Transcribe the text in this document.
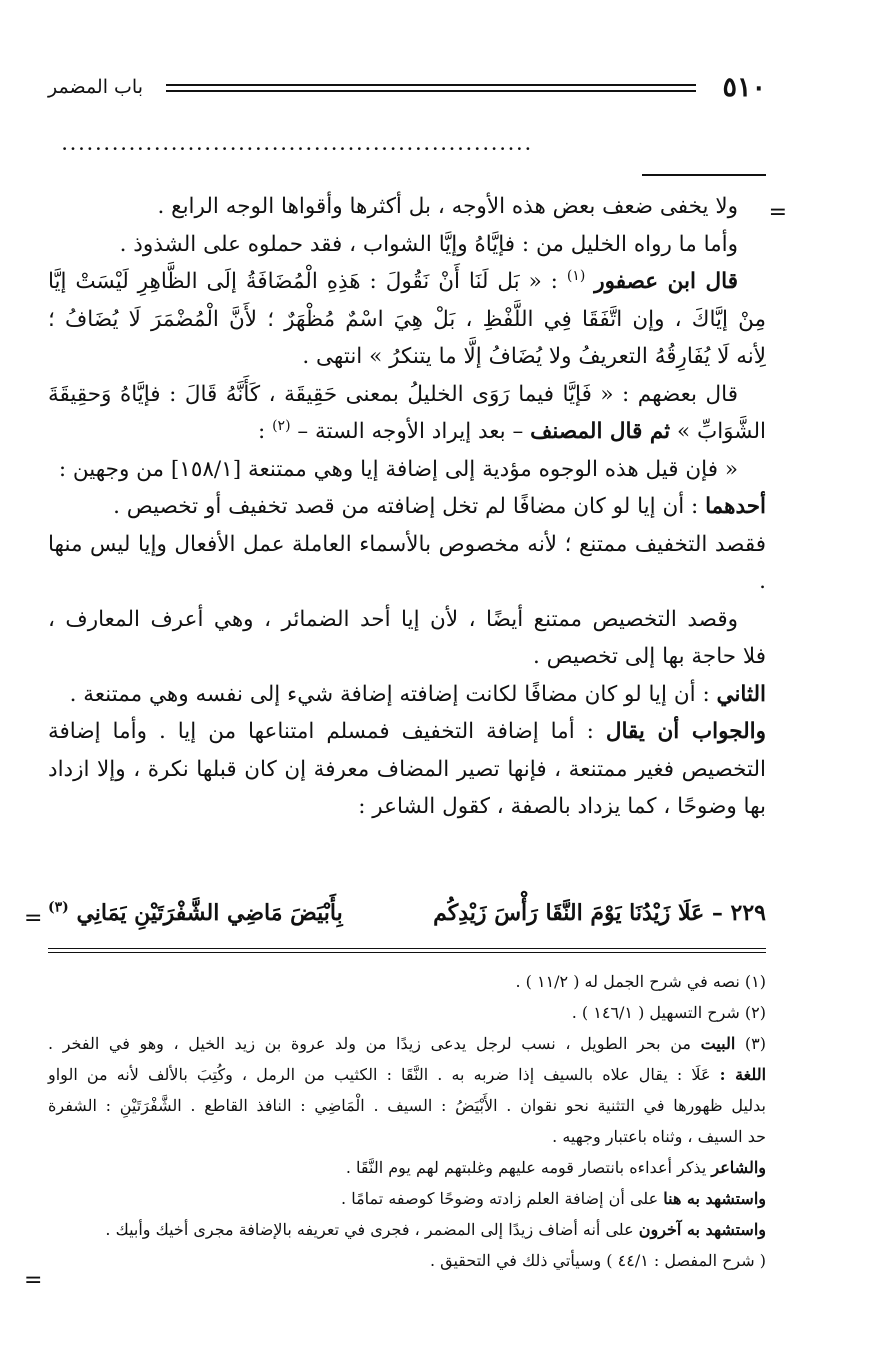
٥١٠
باب المضمر
........................................................
=
=
=

ولا يخفى ضعف بعض هذه الأوجه ، بل أكثرها وأقواها الوجه الرابع .

وأما ما رواه الخليل من : فإيَّاهُ وإيَّا الشواب ، فقد حملوه على الشذوذ .

قال ابن عصفور $^{(١)}$ : « بَل لَنَا أَنْ نَقُولَ : هَذِهِ الْمُضَافَةُ إلَى الظَّاهِرِ لَيْسَتْ إيَّا

مِنْ إيَّاكَ ، وإن اتَّفَقَا فِي اللَّفْظِ ، بَلْ هِيَ اسْمٌ مُظْهَرٌ ؛ لأَنَّ الْمُضْمَرَ لَا يُضَافُ ؛

لِأنه لَا يُفَارِقُهُ التعريفُ ولا يُضَافُ إلَّا ما يتنكرُ » انتهى .

قال بعضهم : « فَإيَّا فيما رَوَى الخليلُ بمعنى حَقِيقَة ، كَأَنَّهُ قَالَ : فإيَّاهُ وَحقِيقَةَ

الشَّوَابِّ » ثم قال المصنف – بعد إيراد الأوجه الستة – $^{(٢)}$ :

« فإن قيل هذه الوجوه مؤدية إلى إضافة إيا وهي ممتنعة [١٥٨/١] من وجهين :

أحدهما : أن إيا لو كان مضافًا لم تخل إضافته من قصد تخفيف أو تخصيص .

فقصد التخفيف ممتنع ؛ لأنه مخصوص بالأسماء العاملة عمل الأفعال وإيا ليس منها .

وقصد التخصيص ممتنع أيضًا ، لأن إيا أحد الضمائر ، وهي أعرف المعارف ،

فلا حاجة بها إلى تخصيص .

الثاني : أن إيا لو كان مضافًا لكانت إضافته إضافة شيء إلى نفسه وهي ممتنعة .

والجواب أن يقال : أما إضافة التخفيف فمسلم امتناعها من إيا . وأما إضافة

التخصيص فغير ممتنعة ، فإنها تصير المضاف معرفة إن كان قبلها نكرة ، وإلا ازداد

بها وضوحًا ، كما يزداد بالصفة ، كقول الشاعر :

٢٢٩ – عَلَا زَيْدُنَا يَوْمَ النَّقَا رَأْسَ زَيْدِكُم
بِأَبْيَضَ مَاضِي الشَّفْرَتَيْنِ يَمَانِي $^{(٣)}$

(١) نصه في شرح الجمل له ( ١١/٢ ) .

(٢) شرح التسهيل ( ١٤٦/١ ) .

(٣) البيت من بحر الطويل ، نسب لرجل يدعى زيدًا من ولد عروة بن زيد الخيل ، وهو في الفخر .

اللغة : عَلَا : يقال علاه بالسيف إذا ضربه به . النَّقَا : الكثيب من الرمل ، وكُتِبَ بالألف لأنه من الواو

بدليل ظهورها في التثنية نحو نقوان . الأَبْيَضُ : السيف . الْمَاضِي : النافذ القاطع . الشَّفْرَتَيْنِ : الشفرة

حد السيف ، وثناه باعتبار وجهيه .

والشاعر يذكر أعداءه بانتصار قومه عليهم وغلبتهم لهم يوم النَّقَا .

واستشهد به هنا على أن إضافة العلم زادته وضوحًا كوصفه تمامًا .

واستشهد به آخرون على أنه أضاف زيدًا إلى المضمر ، فجرى في تعريفه بالإضافة مجرى أخيك وأبيك .

( شرح المفصل : ٤٤/١ ) وسيأتي ذلك في التحقيق .
